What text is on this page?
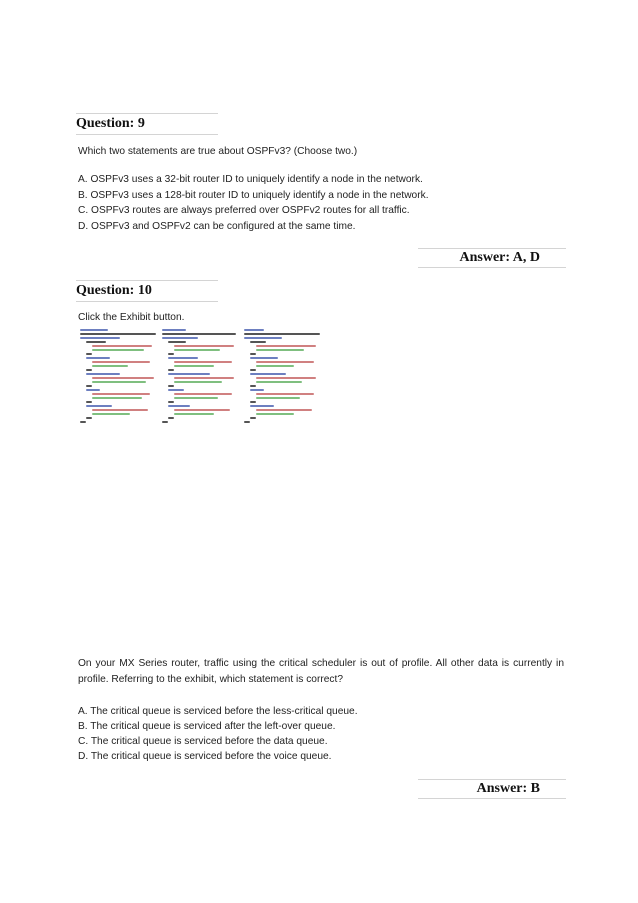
Question: 9
Which two statements are true about OSPFv3? (Choose two.)
A. OSPFv3 uses a 32-bit router ID to uniquely identify a node in the network.
B. OSPFv3 uses a 128-bit router ID to uniquely identify a node in the network.
C. OSPFv3 routes are always preferred over OSPFv2 routes for all traffic.
D. OSPFv3 and OSPFv2 can be configured at the same time.
Answer: A, D
Question: 10
Click the Exhibit button.
On your MX Series router, traffic using the critical scheduler is out of profile. All other data is currently in profile. Referring to the exhibit, which statement is correct?
A. The critical queue is serviced before the less-critical queue.
B. The critical queue is serviced after the left-over queue.
C. The critical queue is serviced before the data queue.
D. The critical queue is serviced before the voice queue.
Answer: B
